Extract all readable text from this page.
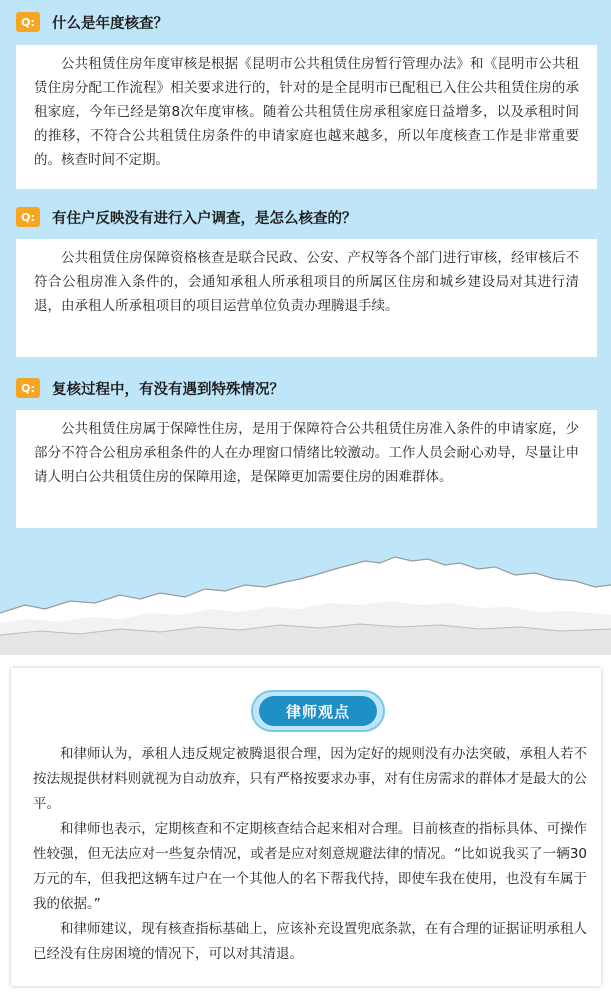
Q:	什么是年度核查？
公共租赁住房年度审核是根据《昆明市公共租赁住房暂行管理办法》和《昆明市公共租赁住房分配工作流程》相关要求进行的，针对的是全昆明市已配租已入住公共租赁住房的承租家庭，今年已经是第8次年度审核。随着公共租赁住房承租家庭日益增多，以及承租时间的推移，不符合公共租赁住房条件的申请家庭也越来越多，所以年度核查工作是非常重要的。核查时间不定期。
Q:	有住户反映没有进行入户调查，是怎么核查的？
公共租赁住房保障资格核查是联合民政、公安、产权等各个部门进行审核，经审核后不符合公租房准入条件的，会通知承租人所承租项目的所属区住房和城乡建设局对其进行清退，由承租人所承租项目的项目运营单位负责办理腾退手续。
Q:	复核过程中，有没有遇到特殊情况？
公共租赁住房属于保障性住房，是用于保障符合公共租赁住房准入条件的申请家庭，少部分不符合公租房承租条件的人在办理窗口情绪比较激动。工作人员会耐心劝导，尽量让申请人明白公共租赁住房的保障用途，是保障更加需要住房的困难群体。
律师观点

和律师认为，承租人违反规定被腾退很合理，因为定好的规则没有办法突破，承租人若不按法规提供材料则就视为自动放弃，只有严格按要求办事，对有住房需求的群体才是最大的公平。

和律师也表示，定期核查和不定期核查结合起来相对合理。目前核查的指标具体、可操作性较强，但无法应对一些复杂情况，或者是应对刻意规避法律的情况。“比如说我买了一辆30万元的车，但我把这辆车过户在一个其他人的名下帮我代持，即使车我在使用，也没有车属于我的依据。”

和律师建议，现有核查指标基础上，应该补充设置兜底条款，在有合理的证据证明承租人已经没有住房困境的情况下，可以对其清退。
